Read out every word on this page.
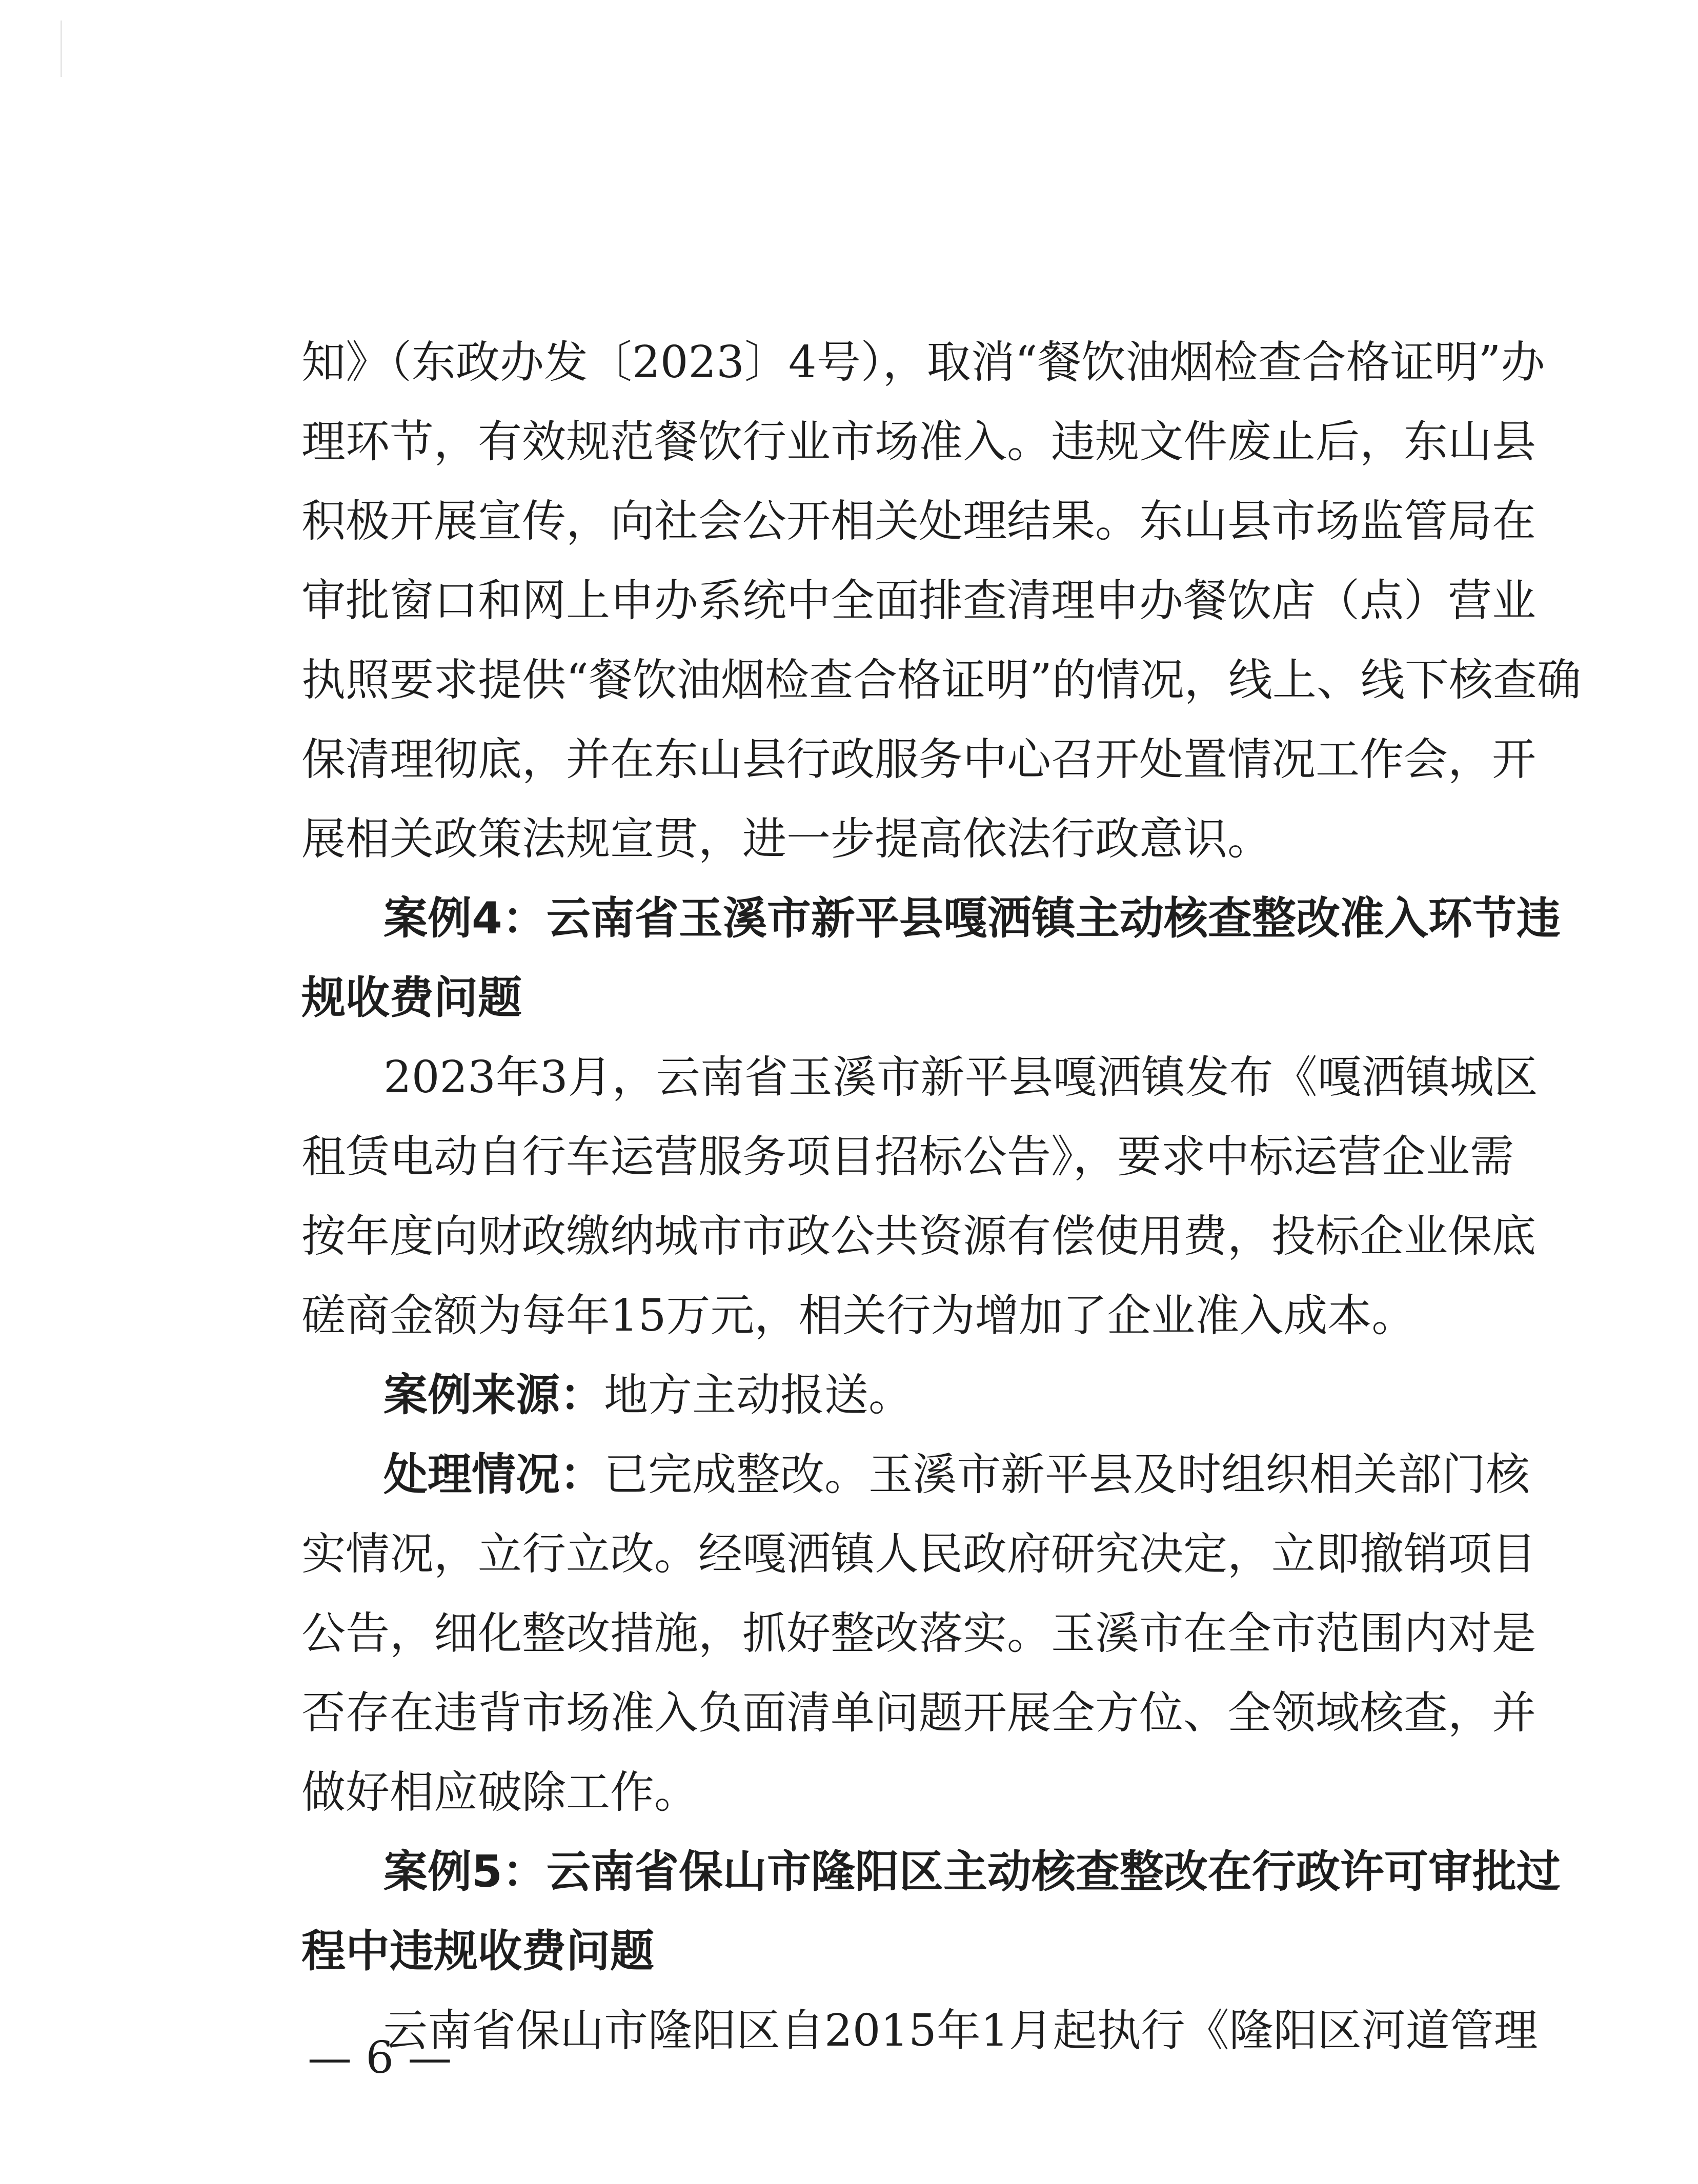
知》（东政办发〔2023〕4号），取消“餐饮油烟检查合格证明”办
理环节，有效规范餐饮行业市场准入。违规文件废止后，东山县
积极开展宣传，向社会公开相关处理结果。东山县市场监管局在
审批窗口和网上申办系统中全面排查清理申办餐饮店（点）营业
执照要求提供“餐饮油烟检查合格证明”的情况，线上、线下核查确
保清理彻底，并在东山县行政服务中心召开处置情况工作会，开
展相关政策法规宣贯，进一步提高依法行政意识。
案例4：云南省玉溪市新平县嘎洒镇主动核查整改准入环节违
规收费问题
2023年3月，云南省玉溪市新平县嘎洒镇发布《嘎洒镇城区
租赁电动自行车运营服务项目招标公告》，要求中标运营企业需
按年度向财政缴纳城市市政公共资源有偿使用费，投标企业保底
磋商金额为每年15万元，相关行为增加了企业准入成本。
案例来源：地方主动报送。
处理情况：已完成整改。玉溪市新平县及时组织相关部门核
实情况，立行立改。经嘎洒镇人民政府研究决定，立即撤销项目
公告，细化整改措施，抓好整改落实。玉溪市在全市范围内对是
否存在违背市场准入负面清单问题开展全方位、全领域核查，并
做好相应破除工作。
案例5：云南省保山市隆阳区主动核查整改在行政许可审批过
程中违规收费问题
云南省保山市隆阳区自2015年1月起执行《隆阳区河道管理
— 6 —
